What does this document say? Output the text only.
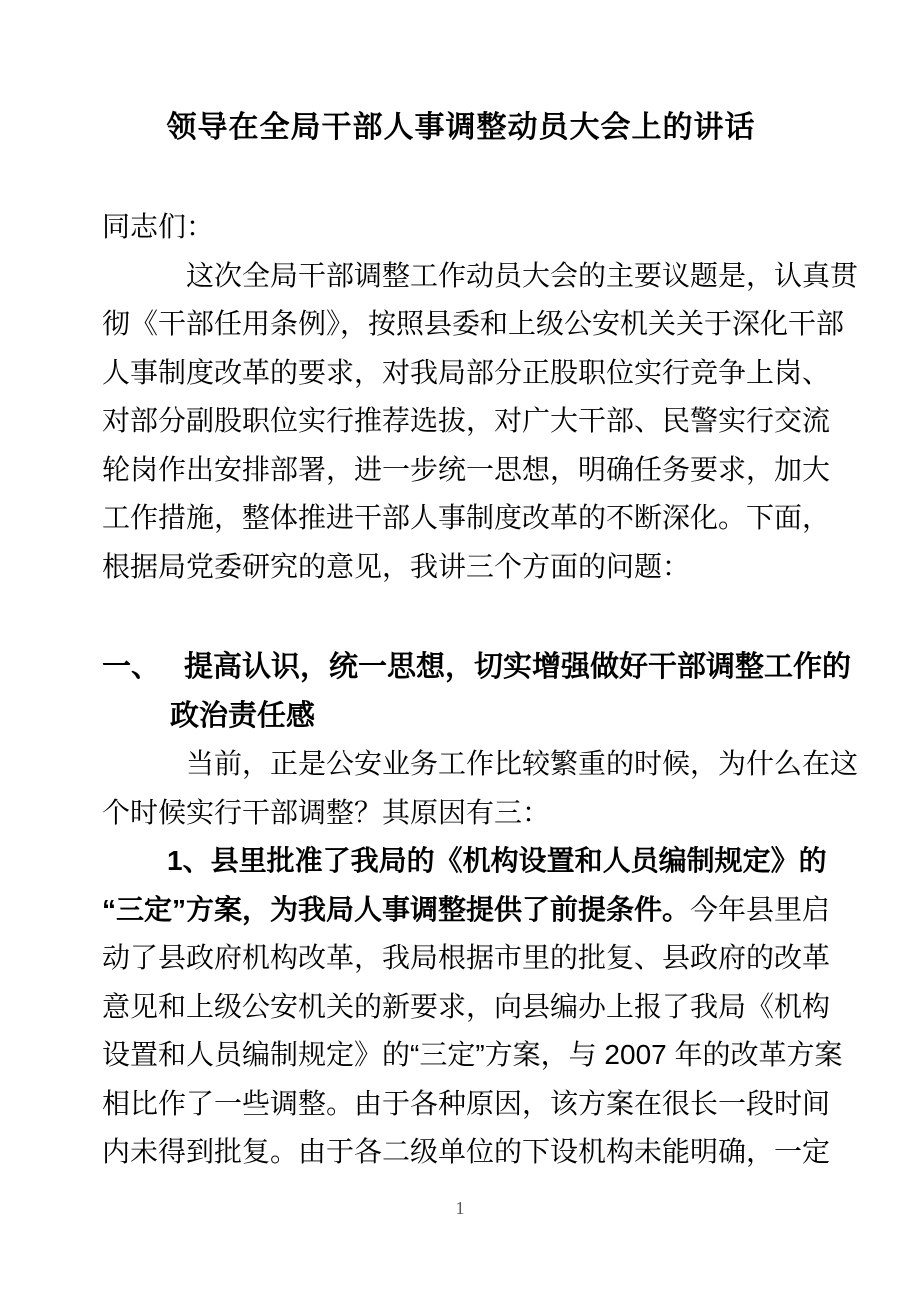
领导在全局干部人事调整动员大会上的讲话
同志们：
这次全局干部调整工作动员大会的主要议题是，认真贯
彻《干部任用条例》，按照县委和上级公安机关关于深化干部
人事制度改革的要求，对我局部分正股职位实行竞争上岗、
对部分副股职位实行推荐选拔，对广大干部、民警实行交流
轮岗作出安排部署，进一步统一思想，明确任务要求，加大
工作措施，整体推进干部人事制度改革的不断深化。下面，
根据局党委研究的意见，我讲三个方面的问题：
一、 提高认识，统一思想，切实增强做好干部调整工作的
政治责任感
当前，正是公安业务工作比较繁重的时候，为什么在这
个时候实行干部调整？其原因有三：
1、县里批准了我局的《机构设置和人员编制规定》的
“三定”方案，为我局人事调整提供了前提条件。今年县里启
动了县政府机构改革，我局根据市里的批复、县政府的改革
意见和上级公安机关的新要求，向县编办上报了我局《机构
设置和人员编制规定》的“三定”方案，与 2007 年的改革方案
相比作了一些调整。由于各种原因，该方案在很长一段时间
内未得到批复。由于各二级单位的下设机构未能明确，一定
1
